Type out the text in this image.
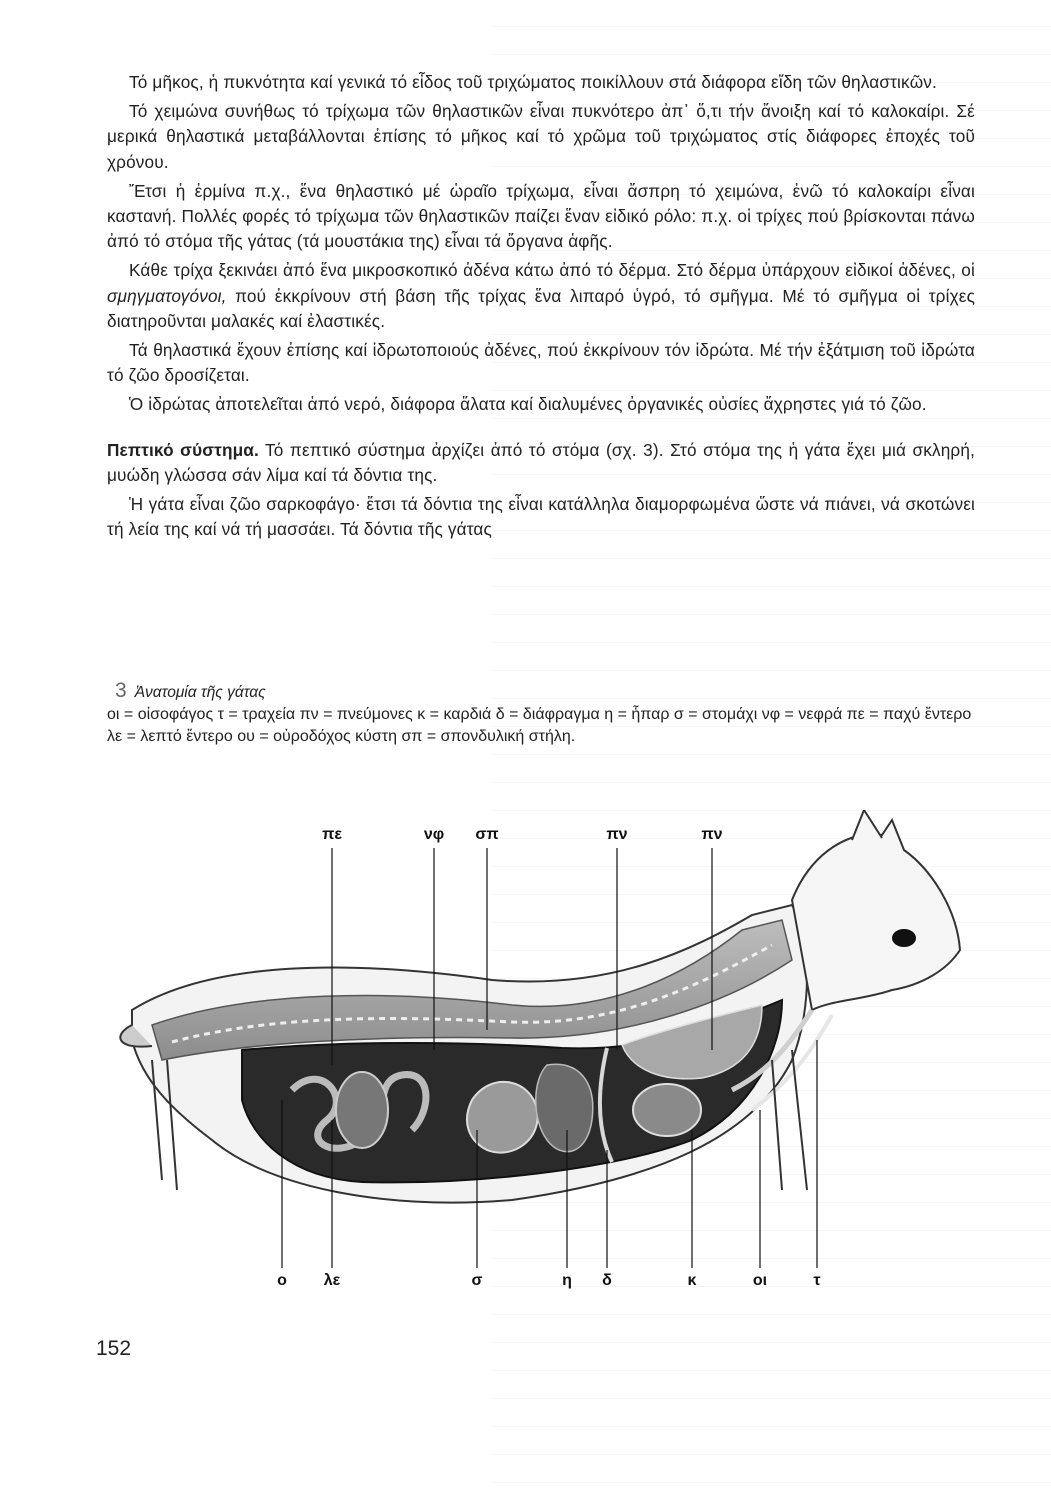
Τό μῆκος, ἡ πυκνότητα καί γενικά τό εἶδος τοῦ τριχώματος ποικίλλουν στά διάφορα εἴδη τῶν θηλαστικῶν.

Τό χειμώνα συνήθως τό τρίχωμα τῶν θηλαστικῶν εἶναι πυκνότερο ἀπ᾽ ὅ,τι τήν ἄνοιξη καί τό καλοκαίρι. Σέ μερικά θηλαστικά μεταβάλλονται ἐπίσης τό μῆκος καί τό χρῶμα τοῦ τριχώματος στίς διάφορες ἐποχές τοῦ χρόνου.

Ἔτσι ἡ ἑρμίνα π.χ., ἕνα θηλαστικό μέ ὡραῖο τρίχωμα, εἶναι ἄσπρη τό χειμώνα, ἐνῶ τό καλοκαίρι εἶναι καστανή. Πολλές φορές τό τρίχωμα τῶν θηλαστικῶν παίζει ἕναν εἰδικό ρόλο: π.χ. οἱ τρίχες πού βρίσκονται πάνω ἀπό τό στόμα τῆς γάτας (τά μουστάκια της) εἶναι τά ὄργανα ἁφῆς.

Κάθε τρίχα ξεκινάει ἀπό ἕνα μικροσκοπικό ἀδένα κάτω ἀπό τό δέρμα. Στό δέρμα ὑπάρχουν εἰδικοί ἀδένες, οἱ σμηγματογόνοι, πού ἐκκρίνουν στή βάση τῆς τρίχας ἕνα λιπαρό ὑγρό, τό σμῆγμα. Μέ τό σμῆγμα οἱ τρίχες διατηροῦνται μαλακές καί ἐλαστικές.

Τά θηλαστικά ἔχουν ἐπίσης καί ἱδρωτοποιούς ἀδένες, πού ἐκκρίνουν τόν ἱδρώτα. Μέ τήν ἐξάτμιση τοῦ ἱδρώτα τό ζῶο δροσίζεται.

Ὁ ἱδρώτας ἀποτελεῖται ἀπό νερό, διάφορα ἅλατα καί διαλυμένες ὀργανικές οὐσίες ἄχρηστες γιά τό ζῶο.

Πεπτικό σύστημα. Τό πεπτικό σύστημα ἀρχίζει ἀπό τό στόμα (σχ. 3). Στό στόμα της ἡ γάτα ἔχει μιά σκληρή, μυώδη γλώσσα σάν λίμα καί τά δόντια της.

Ἡ γάτα εἶναι ζῶο σαρκοφάγο· ἔτσι τά δόντια της εἶναι κατάλληλα διαμορφωμένα ὥστε νά πιάνει, νά σκοτώνει τή λεία της καί νά τή μασσάει. Τά δόντια τῆς γάτας

3 Ἀνατομία τῆς γάτας
οι = οἰσοφάγος τ = τραχεία πν = πνεύμονες κ = καρδιά δ = διάφραγμα η = ἧπαρ σ = στομάχι νφ = νεφρά πε = παχύ ἔντερο λε = λεπτό ἔντερο ου = οὐροδόχος κύστη σπ = σπονδυλική στήλη.
πε	νφ σπ	πν	πν
ο λε	σ	η δ	κ	οι	τ
152
